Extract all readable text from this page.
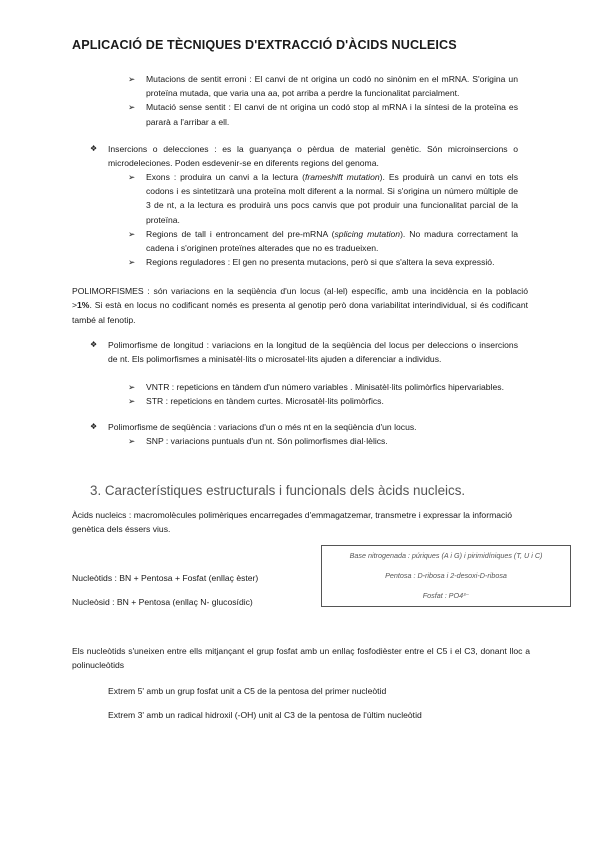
APLICACIÓ DE TÈCNIQUES D'EXTRACCIÓ D'ÀCIDS NUCLEICS
➢	Mutacions de sentit erroni : El canvi de nt origina un codó no sinònim en el mRNA. S'origina un proteïna mutada, que varia una aa, pot arriba a perdre la funcionalitat parcialment.
➢	Mutació sense sentit : El canvi de nt origina un codó stop al mRNA i la síntesi de la proteïna es pararà a l'arribar a ell.
❖	Insercions o delecciones : es la guanyança o pèrdua de material genètic. Són microinsercions o microdeleciones. Poden esdevenir-se en diferents regions del genoma.
➢	Exons : produira un canvi a la lectura (frameshift mutation). Es produirà un canvi en tots els codons i es sintetitzarà una proteïna molt diferent a la normal. Si s'origina un número múltiple de 3 de nt, a la lectura es produirà uns pocs canvis que pot produir una funcionalitat parcial de la proteïna.
➢	Regions de tall i entroncament del pre-mRNA (splicing mutation). No madura correctament la cadena i s'originen proteïnes alterades que no es tradueixen.
➢	Regions reguladores : El gen no presenta mutacions, però si que s'altera la seva expressió.
POLIMORFISMES : són variacions en la seqüència d'un locus (al·lel) específic, amb una incidència en la població >1%. Si està en locus no codificant només es presenta al genotip però dona variabilitat interindividual, si és codificant també al fenotip.
❖	Polimorfisme de longitud : variacions en la longitud de la seqüència del locus per deleccions o insercions de nt. Els polimorfismes a minisatèl·lits o microsatel·lits ajuden a diferenciar a individus.
➢	VNTR : repeticions en tàndem d'un número variables . Minisatèl·lits polimòrfics hipervariables.
➢	STR : repeticions en tàndem curtes. Microsatèl·lits polimòrfics.
❖	Polimorfisme de seqüència : variacions d'un o més nt en la seqüència d'un locus.
➢	SNP : variacions puntuals d'un nt. Són polimorfismes dial·lèlics.
3. Característiques estructurals i funcionals dels àcids nucleics.
Àcids nucleics : macromolècules polimèriques encarregades d'emmagatzemar, transmetre i expressar la informació genètica dels éssers vius.
Nucleòtids : BN + Pentosa + Fosfat (enllaç èster)
Nucleòsid : BN + Pentosa (enllaç N- glucosídic)
Base nitrogenada : púriques (A i G) i pirimidíniques (T, U i C)
Pentosa : D-ribosa i 2-desoxi-D-ribosa
Fosfat : PO4³⁻
Els nucleòtids s'uneixen entre ells mitjançant el grup fosfat amb un enllaç fosfodièster entre el C5 i el C3, donant lloc a polinucleòtids
Extrem 5' amb un grup fosfat unit a C5 de la pentosa del primer nucleòtid
Extrem 3' amb un radical hidroxil (-OH) unit al C3 de la pentosa de l'últim nucleòtid
